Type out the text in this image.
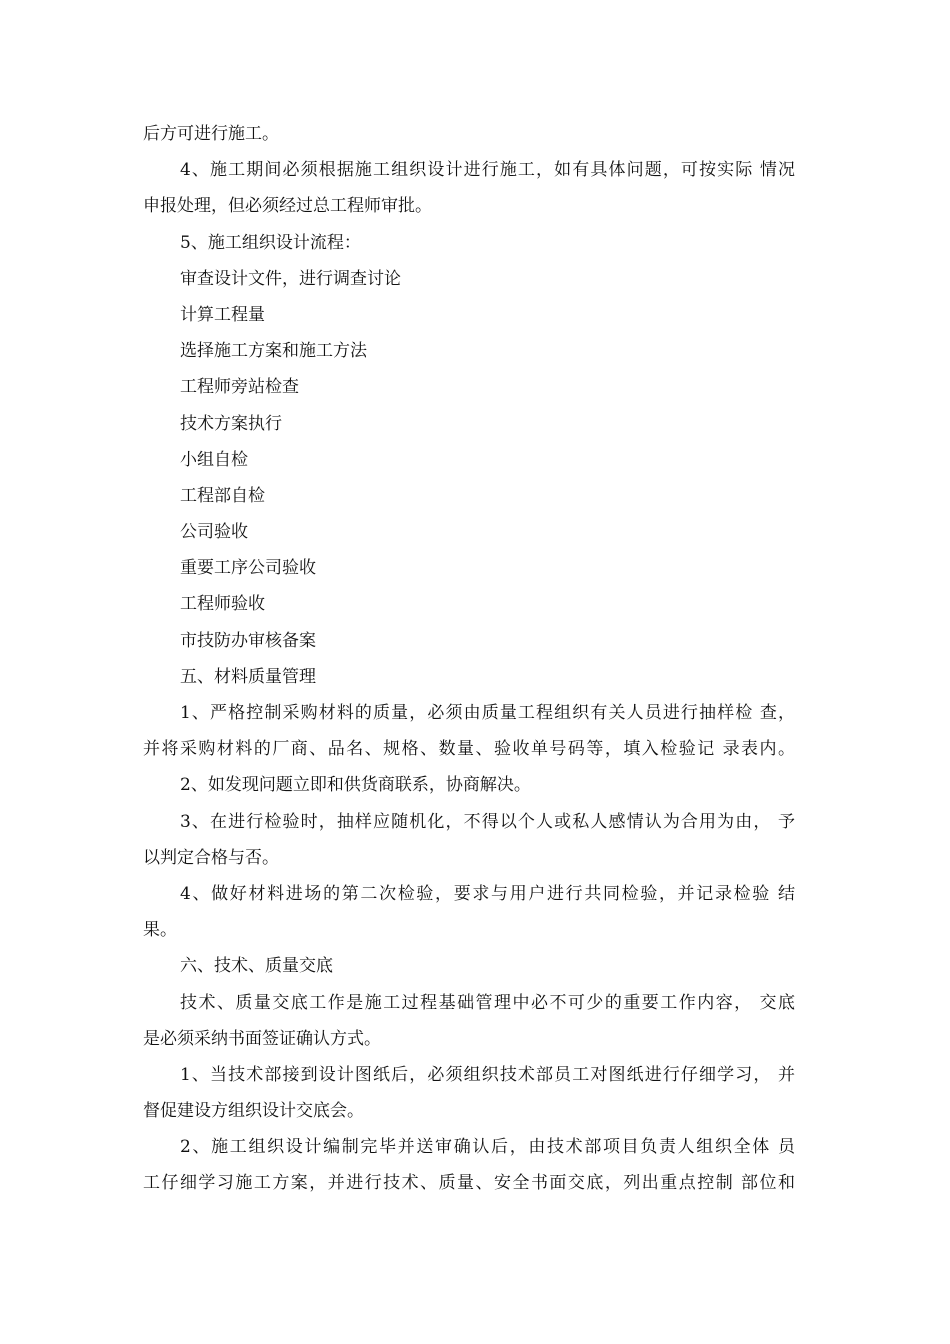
后方可进行施工。
4、施工期间必须根据施工组织设计进行施工，如有具体问题，可按实际 情况
申报处理，但必须经过总工程师审批。
5、施工组织设计流程：
审查设计文件，进行调查讨论
计算工程量
选择施工方案和施工方法
工程师旁站检查
技术方案执行
小组自检
工程部自检
公司验收
重要工序公司验收
工程师验收
市技防办审核备案
五、材料质量管理
1、严格控制采购材料的质量，必须由质量工程组织有关人员进行抽样检 查，
并将采购材料的厂商、品名、规格、数量、验收单号码等，填入检验记 录表内。
2、如发现问题立即和供货商联系，协商解决。
3、在进行检验时，抽样应随机化，不得以个人或私人感情认为合用为由， 予
以判定合格与否。
4、做好材料进场的第二次检验，要求与用户进行共同检验，并记录检验 结
果。
六、技术、质量交底
技术、质量交底工作是施工过程基础管理中必不可少的重要工作内容， 交底
是必须采纳书面签证确认方式。
1、当技术部接到设计图纸后，必须组织技术部员工对图纸进行仔细学习， 并
督促建设方组织设计交底会。
2、施工组织设计编制完毕并送审确认后，由技术部项目负责人组织全体 员
工仔细学习施工方案，并进行技术、质量、安全书面交底，列出重点控制 部位和
